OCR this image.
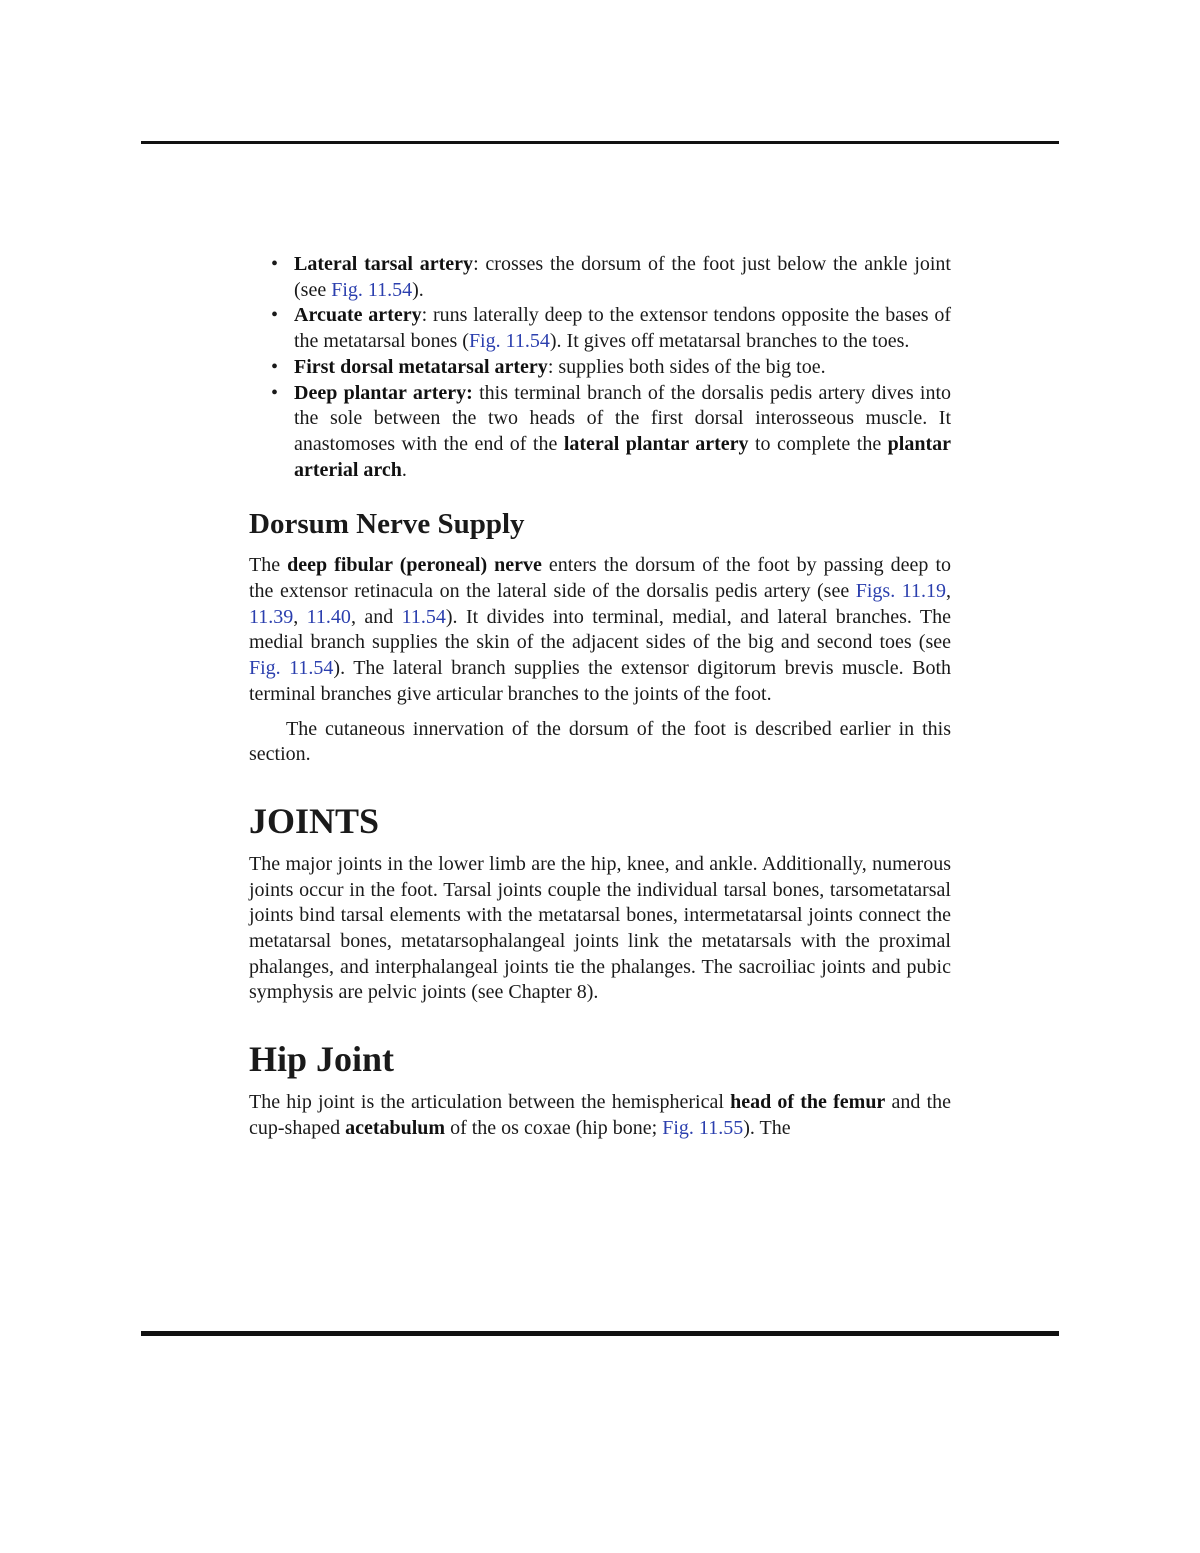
• Lateral tarsal artery: crosses the dorsum of the foot just below the ankle joint (see Fig. 11.54).
• Arcuate artery: runs laterally deep to the extensor tendons opposite the bases of the metatarsal bones (Fig. 11.54). It gives off metatarsal branches to the toes.
• First dorsal metatarsal artery: supplies both sides of the big toe.
• Deep plantar artery: this terminal branch of the dorsalis pedis artery dives into the sole between the two heads of the first dorsal interosseous muscle. It anastomoses with the end of the lateral plantar artery to complete the plantar arterial arch.
Dorsum Nerve Supply

The deep fibular (peroneal) nerve enters the dorsum of the foot by passing deep to the extensor retinacula on the lateral side of the dorsalis pedis artery (see Figs. 11.19, 11.39, 11.40, and 11.54). It divides into terminal, medial, and lateral branches. The medial branch supplies the skin of the adjacent sides of the big and second toes (see Fig. 11.54). The lateral branch supplies the extensor digitorum brevis muscle. Both terminal branches give articular branches to the joints of the foot.

The cutaneous innervation of the dorsum of the foot is described earlier in this section.

JOINTS

The major joints in the lower limb are the hip, knee, and ankle. Additionally, numerous joints occur in the foot. Tarsal joints couple the individual tarsal bones, tarsometatarsal joints bind tarsal elements with the metatarsal bones, intermetatarsal joints connect the metatarsal bones, metatarsophalangeal joints link the metatarsals with the proximal phalanges, and interphalangeal joints tie the phalanges. The sacroiliac joints and pubic symphysis are pelvic joints (see Chapter 8).

Hip Joint

The hip joint is the articulation between the hemispherical head of the femur and the cup-shaped acetabulum of the os coxae (hip bone; Fig. 11.55). The
